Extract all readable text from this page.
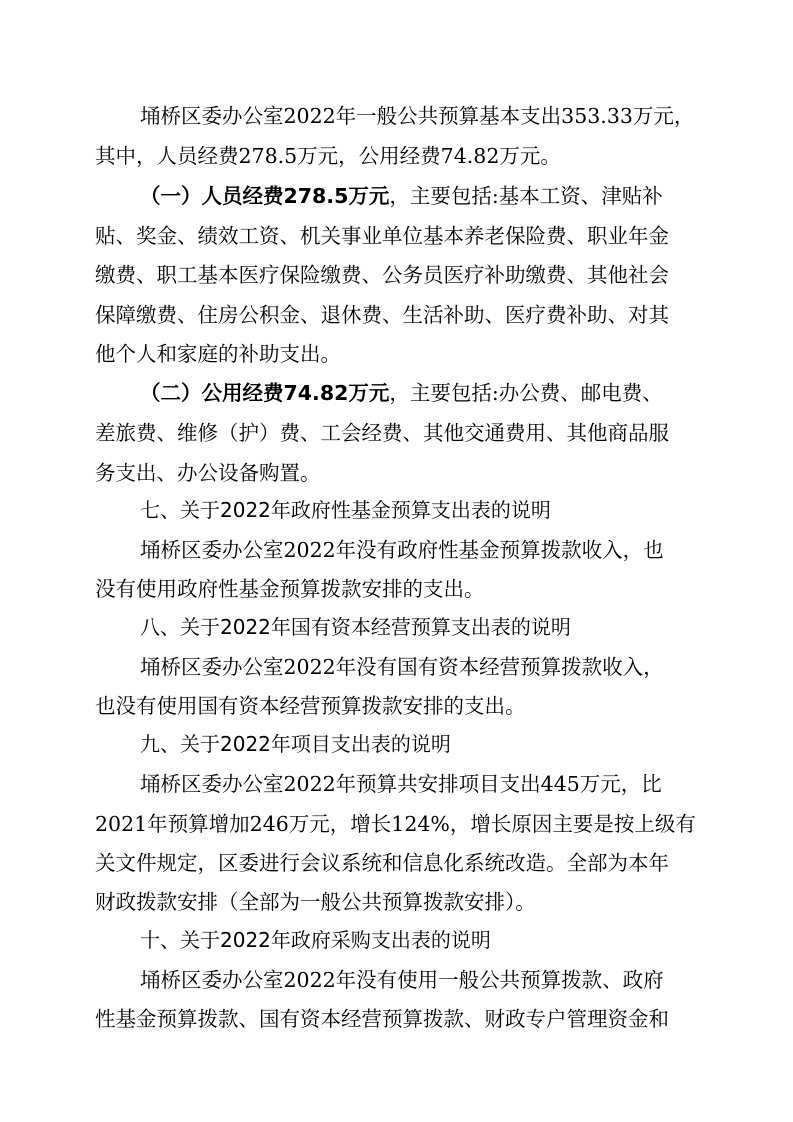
埇桥区委办公室2022年一般公共预算基本支出353.33万元，
其中，人员经费278.5万元，公用经费74.82万元。
（一）人员经费278.5万元，主要包括:基本工资、津贴补
贴、奖金、绩效工资、机关事业单位基本养老保险费、职业年金
缴费、职工基本医疗保险缴费、公务员医疗补助缴费、其他社会
保障缴费、住房公积金、退休费、生活补助、医疗费补助、对其
他个人和家庭的补助支出。
（二）公用经费74.82万元，主要包括:办公费、邮电费、
差旅费、维修（护）费、工会经费、其他交通费用、其他商品服
务支出、办公设备购置。
七、关于2022年政府性基金预算支出表的说明
埇桥区委办公室2022年没有政府性基金预算拨款收入，也
没有使用政府性基金预算拨款安排的支出。
八、关于2022年国有资本经营预算支出表的说明
埇桥区委办公室2022年没有国有资本经营预算拨款收入，
也没有使用国有资本经营预算拨款安排的支出。
九、关于2022年项目支出表的说明
埇桥区委办公室2022年预算共安排项目支出445万元，比
2021年预算增加246万元，增长124%，增长原因主要是按上级有
关文件规定，区委进行会议系统和信息化系统改造。全部为本年
财政拨款安排（全部为一般公共预算拨款安排）。
十、关于2022年政府采购支出表的说明
埇桥区委办公室2022年没有使用一般公共预算拨款、政府
性基金预算拨款、国有资本经营预算拨款、财政专户管理资金和
